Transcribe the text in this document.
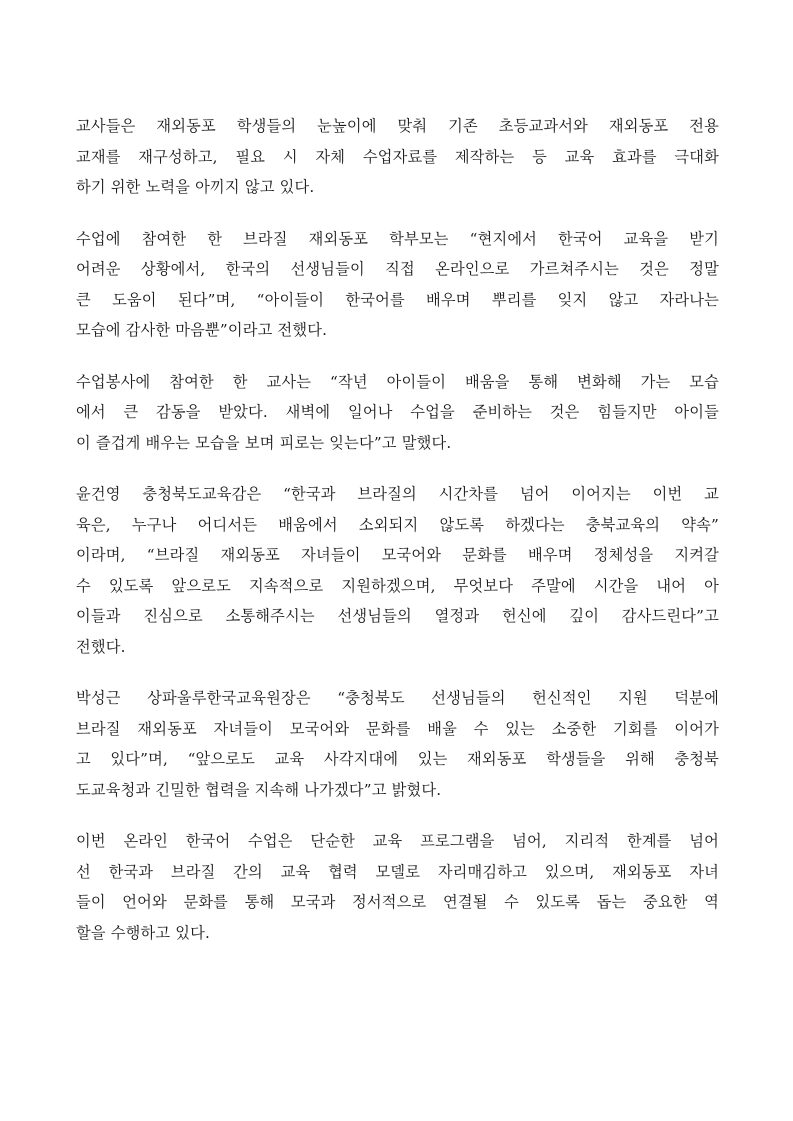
교사들은 재외동포 학생들의 눈높이에 맞춰 기존 초등교과서와 재외동포 전용
교재를 재구성하고, 필요 시 자체 수업자료를 제작하는 등 교육 효과를 극대화
하기 위한 노력을 아끼지 않고 있다.

수업에 참여한 한 브라질 재외동포 학부모는 “현지에서 한국어 교육을 받기
어려운 상황에서, 한국의 선생님들이 직접 온라인으로 가르쳐주시는 것은 정말
큰 도움이 된다”며, “아이들이 한국어를 배우며 뿌리를 잊지 않고 자라나는
모습에 감사한 마음뿐”이라고 전했다.

수업봉사에 참여한 한 교사는 “작년 아이들이 배움을 통해 변화해 가는 모습
에서 큰 감동을 받았다. 새벽에 일어나 수업을 준비하는 것은 힘들지만 아이들
이 즐겁게 배우는 모습을 보며 피로는 잊는다”고 말했다.

윤건영 충청북도교육감은 “한국과 브라질의 시간차를 넘어 이어지는 이번 교
육은, 누구나 어디서든 배움에서 소외되지 않도록 하겠다는 충북교육의 약속”
이라며, “브라질 재외동포 자녀들이 모국어와 문화를 배우며 정체성을 지켜갈
수 있도록 앞으로도 지속적으로 지원하겠으며, 무엇보다 주말에 시간을 내어 아
이들과 진심으로 소통해주시는 선생님들의 열정과 헌신에 깊이 감사드린다”고
전했다.

박성근 상파울루한국교육원장은 “충청북도 선생님들의 헌신적인 지원 덕분에
브라질 재외동포 자녀들이 모국어와 문화를 배울 수 있는 소중한 기회를 이어가
고 있다”며, “앞으로도 교육 사각지대에 있는 재외동포 학생들을 위해 충청북
도교육청과 긴밀한 협력을 지속해 나가겠다”고 밝혔다.

이번 온라인 한국어 수업은 단순한 교육 프로그램을 넘어, 지리적 한계를 넘어
선 한국과 브라질 간의 교육 협력 모델로 자리매김하고 있으며, 재외동포 자녀
들이 언어와 문화를 통해 모국과 정서적으로 연결될 수 있도록 돕는 중요한 역
할을 수행하고 있다.
